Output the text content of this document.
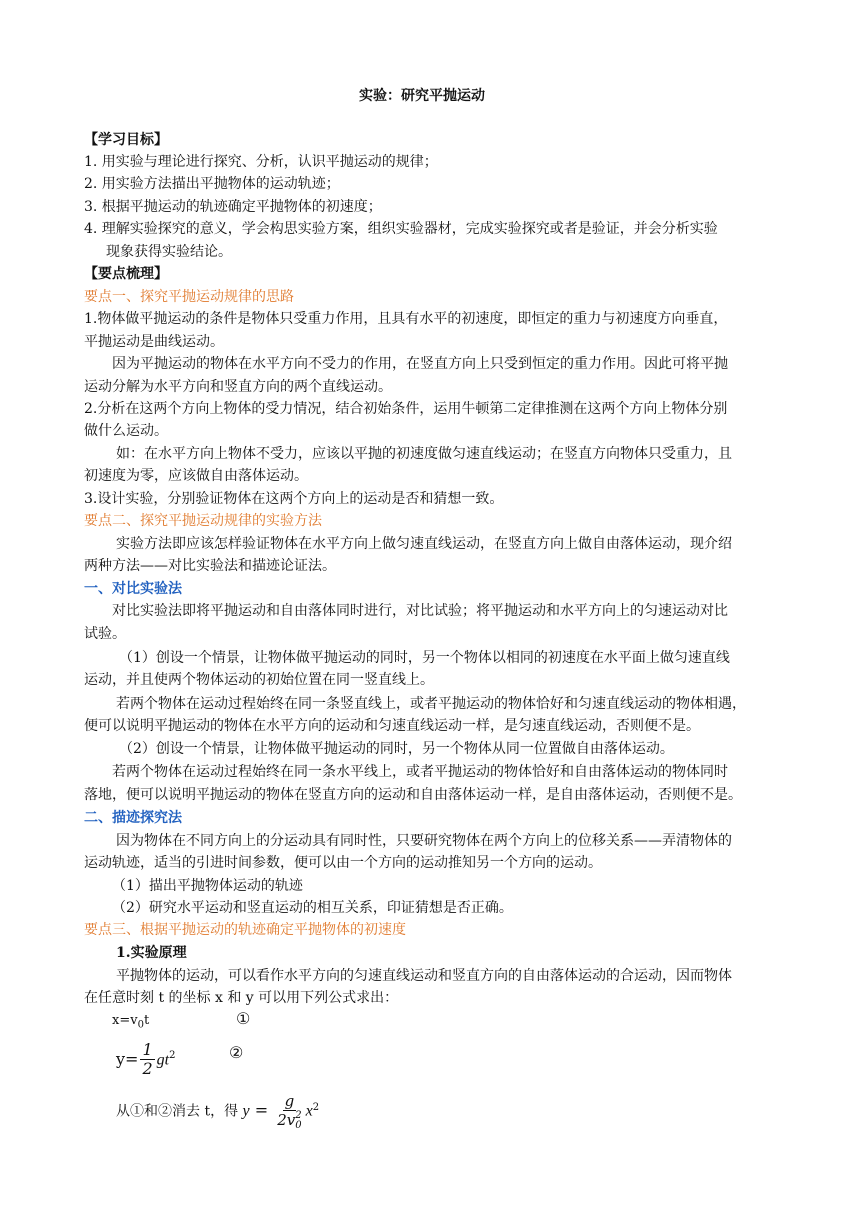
实验：研究平抛运动
【学习目标】
1. 用实验与理论进行探究、分析，认识平抛运动的规律；
2. 用实验方法描出平抛物体的运动轨迹；
3. 根据平抛运动的轨迹确定平抛物体的初速度；
4. 理解实验探究的意义，学会构思实验方案，组织实验器材，完成实验探究或者是验证，并会分析实验
现象获得实验结论。
【要点梳理】
要点一、探究平抛运动规律的思路
1.物体做平抛运动的条件是物体只受重力作用，且具有水平的初速度，即恒定的重力与初速度方向垂直，
平抛运动是曲线运动。
因为平抛运动的物体在水平方向不受力的作用，在竖直方向上只受到恒定的重力作用。因此可将平抛
运动分解为水平方向和竖直方向的两个直线运动。
2.分析在这两个方向上物体的受力情况，结合初始条件，运用牛顿第二定律推测在这两个方向上物体分别
做什么运动。
如：在水平方向上物体不受力，应该以平抛的初速度做匀速直线运动；在竖直方向物体只受重力，且
初速度为零，应该做自由落体运动。
3.设计实验，分别验证物体在这两个方向上的运动是否和猜想一致。
要点二、探究平抛运动规律的实验方法
实验方法即应该怎样验证物体在水平方向上做匀速直线运动，在竖直方向上做自由落体运动，现介绍
两种方法——对比实验法和描迹论证法。
一、对比实验法
对比实验法即将平抛运动和自由落体同时进行，对比试验；将平抛运动和水平方向上的匀速运动对比
试验。
（1）创设一个情景，让物体做平抛运动的同时，另一个物体以相同的初速度在水平面上做匀速直线
运动，并且使两个物体运动的初始位置在同一竖直线上。
若两个物体在运动过程始终在同一条竖直线上，或者平抛运动的物体恰好和匀速直线运动的物体相遇，
便可以说明平抛运动的物体在水平方向的运动和匀速直线运动一样，是匀速直线运动，否则便不是。
（2）创设一个情景，让物体做平抛运动的同时，另一个物体从同一位置做自由落体运动。
若两个物体在运动过程始终在同一条水平线上，或者平抛运动的物体恰好和自由落体运动的物体同时
落地，便可以说明平抛运动的物体在竖直方向的运动和自由落体运动一样，是自由落体运动，否则便不是。
二、描迹探究法
因为物体在不同方向上的分运动具有同时性，只要研究物体在两个方向上的位移关系——弄清物体的
运动轨迹，适当的引进时间参数，便可以由一个方向的运动推知另一个方向的运动。
（1）描出平抛物体运动的轨迹
（2）研究水平运动和竖直运动的相互关系，印证猜想是否正确。
要点三、根据平抛运动的轨迹确定平抛物体的初速度
1.实验原理
平抛物体的运动，可以看作水平方向的匀速直线运动和竖直方向的自由落体运动的合运动，因而物体
在任意时刻 t 的坐标 x 和 y 可以用下列公式求出：
$x=v_0t$	①
$y= \frac{1}{2} gt^2$	②
从①和②消去 t，得 y = g
2v 2
0 $x^2$
